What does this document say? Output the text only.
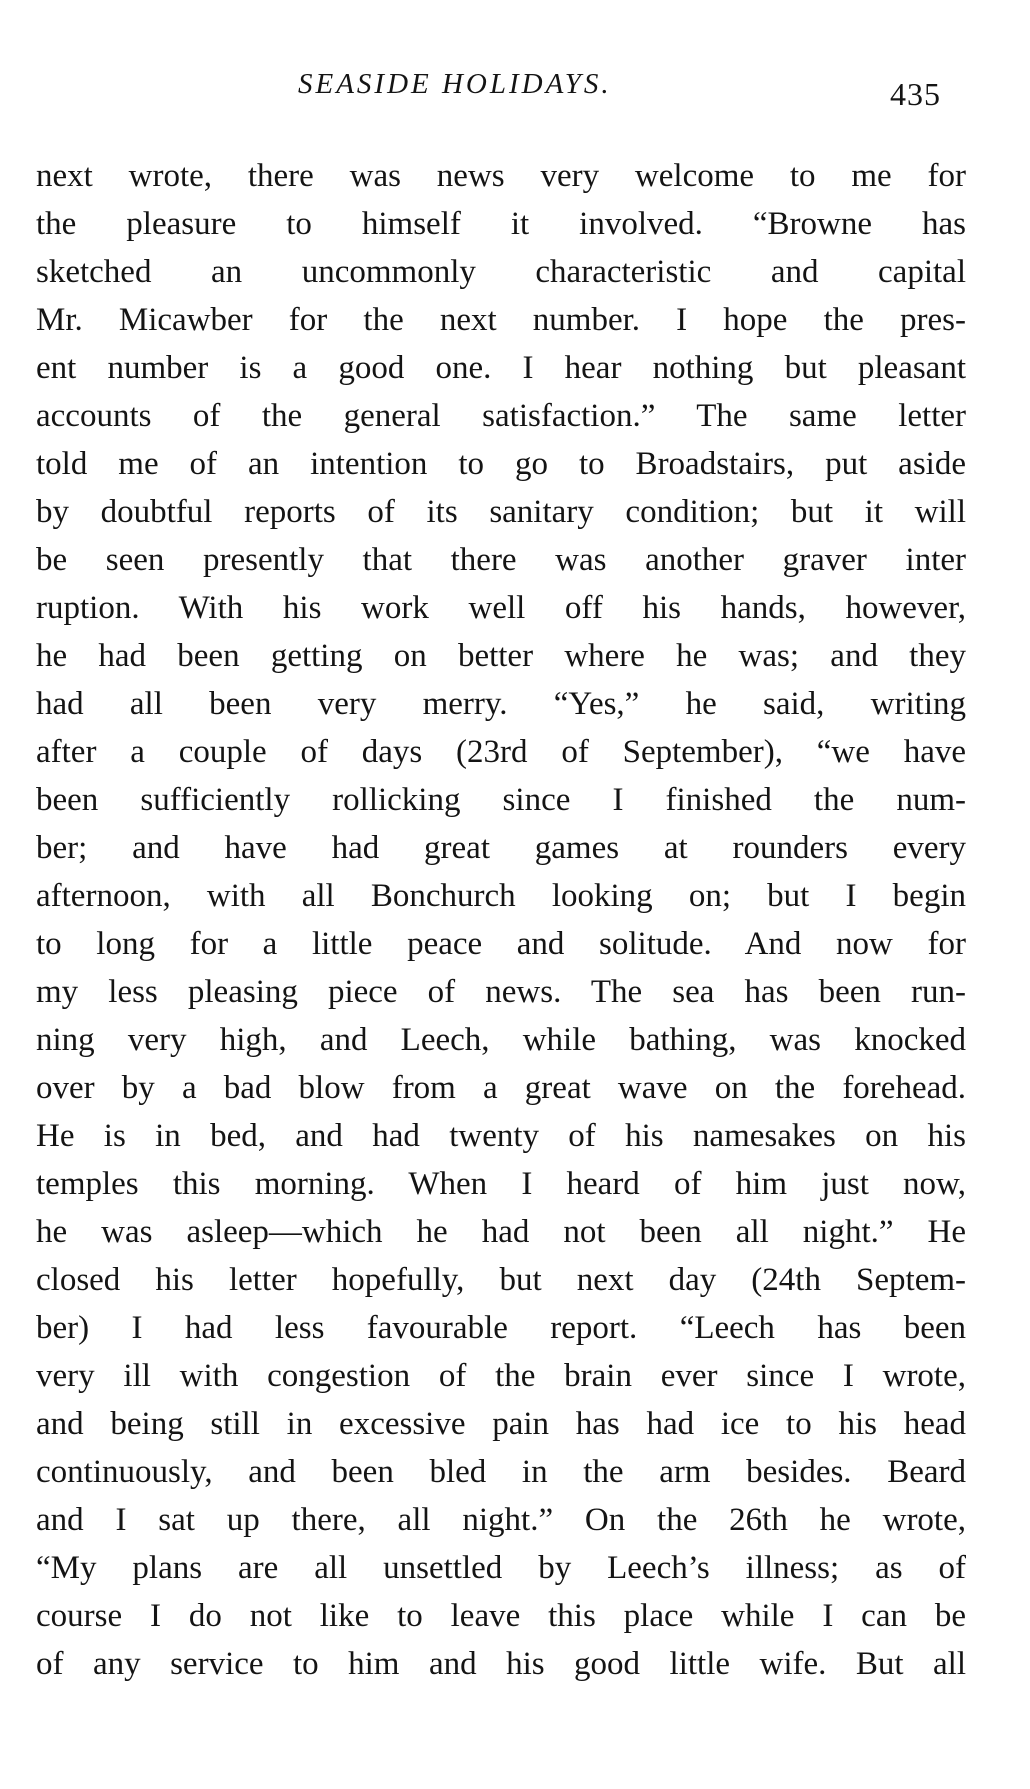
SEASIDE HOLIDAYS.	435
next wrote, there was news very welcome to me for
the pleasure to himself it involved. “Browne has
sketched an uncommonly characteristic and capital
Mr. Micawber for the next number. I hope the pres-
ent number is a good one. I hear nothing but pleasant
accounts of the general satisfaction.” The same letter
told me of an intention to go to Broadstairs, put aside
by doubtful reports of its sanitary condition; but it will
be seen presently that there was another graver inter
ruption. With his work well off his hands, however,
he had been getting on better where he was; and they
had all been very merry. “Yes,” he said, writing
after a couple of days (23rd of September), “we have
been sufficiently rollicking since I finished the num-
ber; and have had great games at rounders every
afternoon, with all Bonchurch looking on; but I begin
to long for a little peace and solitude. And now for
my less pleasing piece of news. The sea has been run-
ning very high, and Leech, while bathing, was knocked
over by a bad blow from a great wave on the forehead.
He is in bed, and had twenty of his namesakes on his
temples this morning. When I heard of him just now,
he was asleep—which he had not been all night.” He
closed his letter hopefully, but next day (24th Septem-
ber) I had less favourable report. “Leech has been
very ill with congestion of the brain ever since I wrote,
and being still in excessive pain has had ice to his head
continuously, and been bled in the arm besides. Beard
and I sat up there, all night.” On the 26th he wrote,
“My plans are all unsettled by Leech’s illness; as of
course I do not like to leave this place while I can be
of any service to him and his good little wife. But all
